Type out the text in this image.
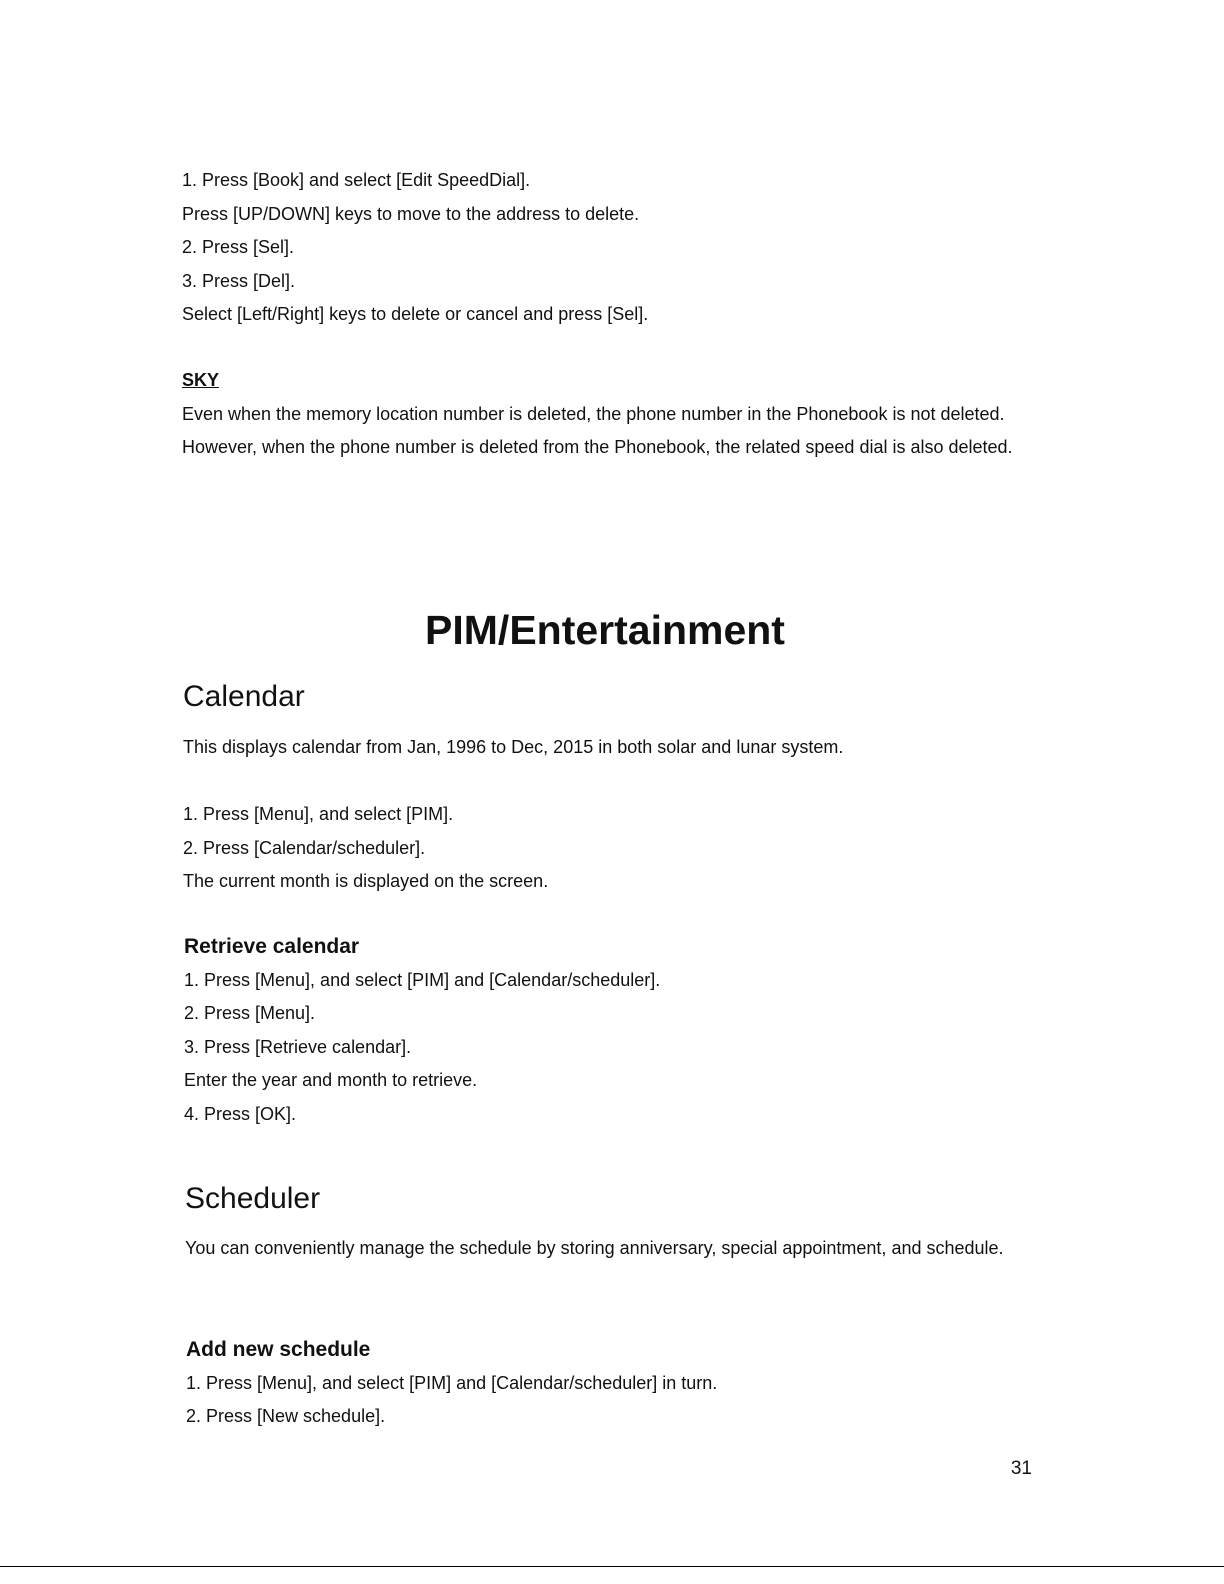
1. Press [Book] and select [Edit SpeedDial].

Press [UP/DOWN] keys to move to the address to delete.

2. Press [Sel].

3. Press [Del].

Select [Left/Right] keys to delete or cancel and press [Sel].

SKY

Even when the memory location number is deleted, the phone number in the Phonebook is not deleted.

However, when the phone number is deleted from the Phonebook, the related speed dial is also deleted.

PIM/Entertainment
Calendar

This displays calendar from Jan, 1996 to Dec, 2015 in both solar and lunar system.

1. Press [Menu], and select [PIM].

2. Press [Calendar/scheduler].

The current month is displayed on the screen.

Retrieve calendar

1. Press [Menu], and select [PIM] and [Calendar/scheduler].

2. Press [Menu].

3. Press [Retrieve calendar].

Enter the year and month to retrieve.

4. Press [OK].

Scheduler

You can conveniently manage the schedule by storing anniversary, special appointment, and schedule.

Add new schedule

1. Press [Menu], and select [PIM] and [Calendar/scheduler] in turn.

2. Press [New schedule].

31
